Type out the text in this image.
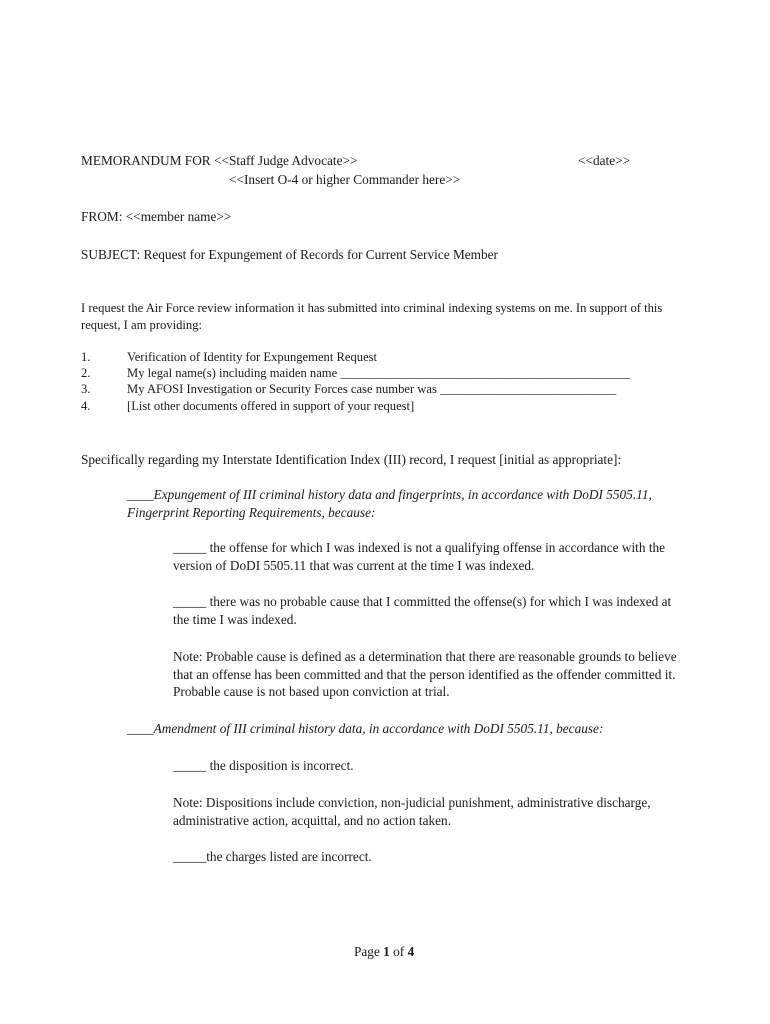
MEMORANDUM FOR <<Staff Judge Advocate>>	<<date>>
<<Insert O-4 or higher Commander here>>
FROM: <<member name>>
SUBJECT: Request for Expungement of Records for Current Service Member
I request the Air Force review information it has submitted into criminal indexing systems on me. In support of this request, I am providing:
1.	Verification of Identity for Expungement Request
2.	My legal name(s) including maiden name ______________________________________________
3.	My AFOSI Investigation or Security Forces case number was ____________________________
4.	[List other documents offered in support of your request]
Specifically regarding my Interstate Identification Index (III) record, I request [initial as appropriate]:
____Expungement of III criminal history data and fingerprints, in accordance with DoDI 5505.11, Fingerprint Reporting Requirements, because:
_____ the offense for which I was indexed is not a qualifying offense in accordance with the version of DoDI 5505.11 that was current at the time I was indexed.
_____ there was no probable cause that I committed the offense(s) for which I was indexed at the time I was indexed.
Note: Probable cause is defined as a determination that there are reasonable grounds to believe that an offense has been committed and that the person identified as the offender committed it. Probable cause is not based upon conviction at trial.
____Amendment of III criminal history data, in accordance with DoDI 5505.11, because:
_____ the disposition is incorrect.
Note: Dispositions include conviction, non-judicial punishment, administrative discharge, administrative action, acquittal, and no action taken.
_____the charges listed are incorrect.
Page 1 of 4
